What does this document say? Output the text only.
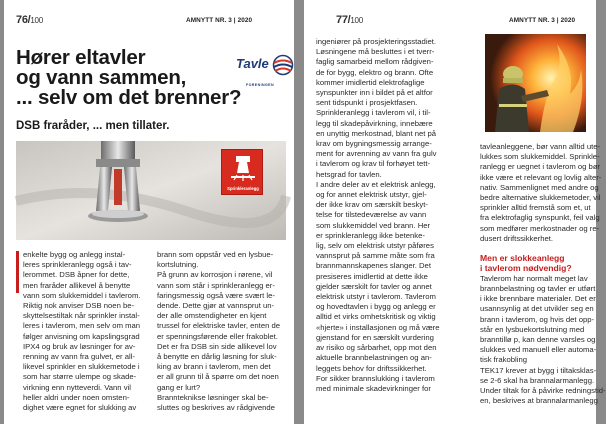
76/100	AMNYTT NR. 3 | 2020
Hører eltavler
og vann sammen,
... selv om det brenner?
Tavle
FORENINGEN
DSB fraråder, ... men tillater.
Sprinkleranlegg

enkelte bygg og anlegg instal-

leres sprinkleranlegg også i tav-

lerommet. DSB åpner for dette,

men fraråder allikevel å benytte

vann som slukkemiddel i tavlerom.

Riktig nok anviser DSB noen be-

skyttelsestiltak når sprinkler instal-

leres i tavlerom, men selv om man

følger anvisning om kapslingsgrad

IPX4 og bruk av løsninger for av-

renning av vann fra gulvet, er all-

likevel sprinkler en slukkemetode i

som har større ulempe og skade-

virkning enn nytteverdi. Vann vil

heller aldri under noen omsten-

dighet være egnet for slukking av

brann som oppstår ved en lysbue-

kortslutning.

På grunn av korrosjon i rørene, vil

vann som står i sprinkleranlegg er-

faringsmessig også være svært le-

dende. Dette gjør at vannsprut un-

der alle omstendigheter en kjent

trussel for elektriske tavler, enten de

er spenningsførende eller frakoblet.

Det er fra DSB sin side allikevel lov

å benytte en dårlig løsning for sluk-

king av brann i tavlerom, men det

er all grunn til å spørre om det noen

gang er lurt?

Brannteknikse løsninger skal be-

sluttes og beskrives av rådgivende

77/100	AMNYTT NR. 3 | 2020

ingeniører på prosjekteringsstadiet.

Løsningene må besluttes i et tverr-

faglig samarbeid mellom rådgiven-

de for bygg, elektro og brann. Ofte

kommer imidlertid elektrofaglige

synspunkter inn i bildet på et altfor

sent tidspunkt i prosjektfasen.

Sprinkleranlegg i tavlerom vil, i til-

legg til skadepåvirkning, innebære

en unyttig merkostnad, blant net på

krav om bygningsmessig arrange-

ment for avrenning av vann fra gulv

i tavlerom og krav til forhøyet tett-

hetsgrad for tavlen.

I andre deler av et elektrisk anlegg,

og for annet elektrisk utstyr, gjel-

der ikke krav om særskilt beskyt-

telse for tilstedeværelse av vann

som slukkemiddel ved brann. Her

er sprinkleranlegg ikke betenke-

lig, selv om elektrisk utstyr påføres

vannsprut på samme måte som fra

brannmannskapenes slanger. Det

presiseres imidlertid at dette ikke

gjelder særskilt for tavler og annet

elektrisk utstyr i tavlerom. Tavlerom

og hovedtavlen i bygg og anlegg er

alltid et virks omhetskritisk og viktig

«hjerte» i installasjonen og må være

gjenstand for en særskilt vurdering

av risiko og sårbarhet, opp mot den

aktuelle brannbelastningen og an-

leggets behov for driftssikkerhet.

For sikker brannslukking i tavlerom

med minimale skadevirkninger for

tavleanleggene, bør vann alltid ute-

lukkes som slukkemiddel. Sprinkle-

ranlegg er uegnet i tavlerom og bør

ikke være et relevant og lovlig alter-

nativ. Sammenlignet med andre og

bedre alternative slukkemetoder, vil

sprinkler alltid fremstå som et, ut

fra elektrofaglig synspunkt, feil valg

som medfører merkostnader og re-

dusert driftssikkerhet.

Men er slokkeanlegg

i tavlerom nødvendig?

Tavlerom har normalt meget lav

brannbelastning og tavler er utført

i ikke brennbare materialer. Det er

usannsynlig at det utvikler seg en

brann i tavlerom, og hvis det opp-

står en lysbuekortslutning med

branntillø p, kan denne varsles og

slukkes ved manuell eller automa-

tisk frakobling

TEK17 krever at bygg i tiltaksklas-

se 2-6 skal ha brannalarmanlegg.

Under tiltak for å påvirke redningstid-

en, beskrives at brannalarmanlegg
